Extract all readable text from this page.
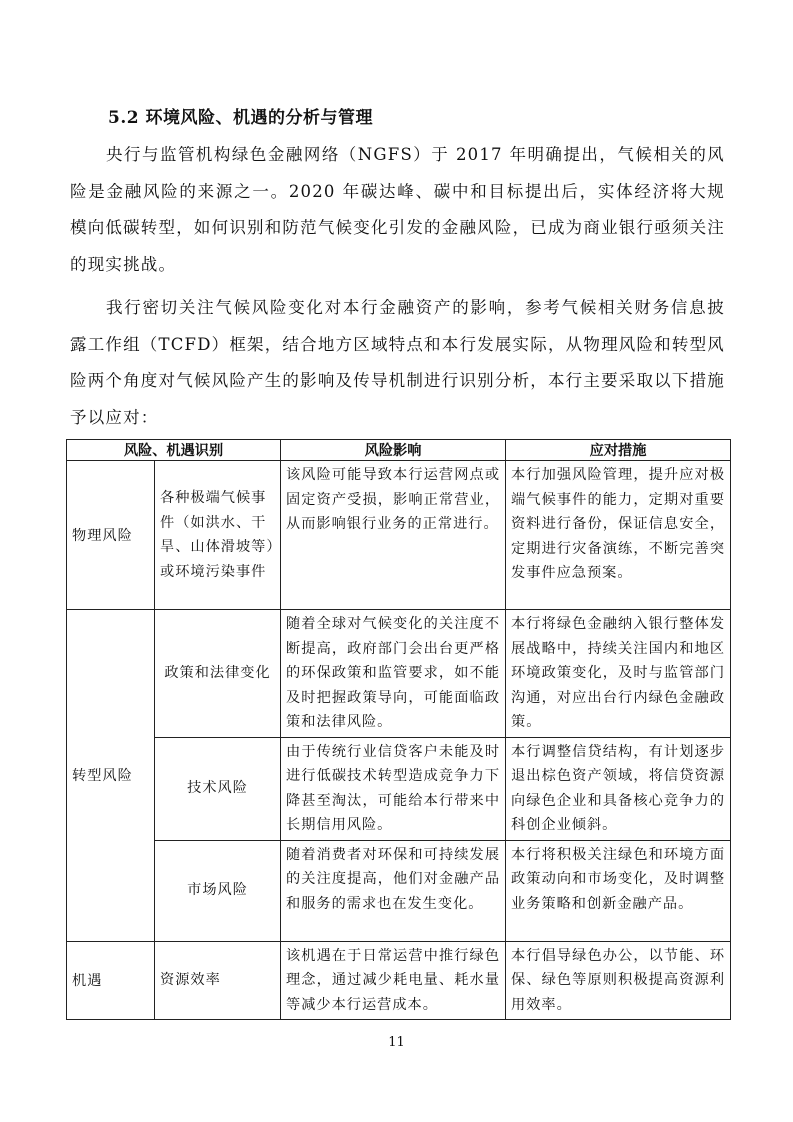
5.2 环境风险、机遇的分析与管理
央行与监管机构绿色金融网络（NGFS）于 2017 年明确提出，气候相关的风险是金融风险的来源之一。2020 年碳达峰、碳中和目标提出后，实体经济将大规模向低碳转型，如何识别和防范气候变化引发的金融风险，已成为商业银行亟须关注的现实挑战。
我行密切关注气候风险变化对本行金融资产的影响，参考气候相关财务信息披露工作组（TCFD）框架，结合地方区域特点和本行发展实际，从物理风险和转型风险两个角度对气候风险产生的影响及传导机制进行识别分析，本行主要采取以下措施予以应对：
风险、机遇识别		风险影响	应对措施
物理风险	各种极端气候事件（如洪水、干旱、山体滑坡等）或环境污染事件	该风险可能导致本行运营网点或固定资产受损，影响正常营业，从而影响银行业务的正常进行。	本行加强风险管理，提升应对极端气候事件的能力，定期对重要资料进行备份，保证信息安全，定期进行灾备演练，不断完善突发事件应急预案。
转型风险	政策和法律变化	随着全球对气候变化的关注度不断提高，政府部门会出台更严格的环保政策和监管要求，如不能及时把握政策导向，可能面临政策和法律风险。	本行将绿色金融纳入银行整体发展战略中，持续关注国内和地区环境政策变化，及时与监管部门沟通，对应出台行内绿色金融政策。
	技术风险	由于传统行业信贷客户未能及时进行低碳技术转型造成竞争力下降甚至淘汰，可能给本行带来中长期信用风险。	本行调整信贷结构，有计划逐步退出棕色资产领域，将信贷资源向绿色企业和具备核心竞争力的科创企业倾斜。
	市场风险	随着消费者对环保和可持续发展的关注度提高，他们对金融产品和服务的需求也在发生变化。	本行将积极关注绿色和环境方面政策动向和市场变化，及时调整业务策略和创新金融产品。
机遇	资源效率	该机遇在于日常运营中推行绿色理念，通过减少耗电量、耗水量等减少本行运营成本。	本行倡导绿色办公，以节能、环保、绿色等原则积极提高资源利用效率。
11
